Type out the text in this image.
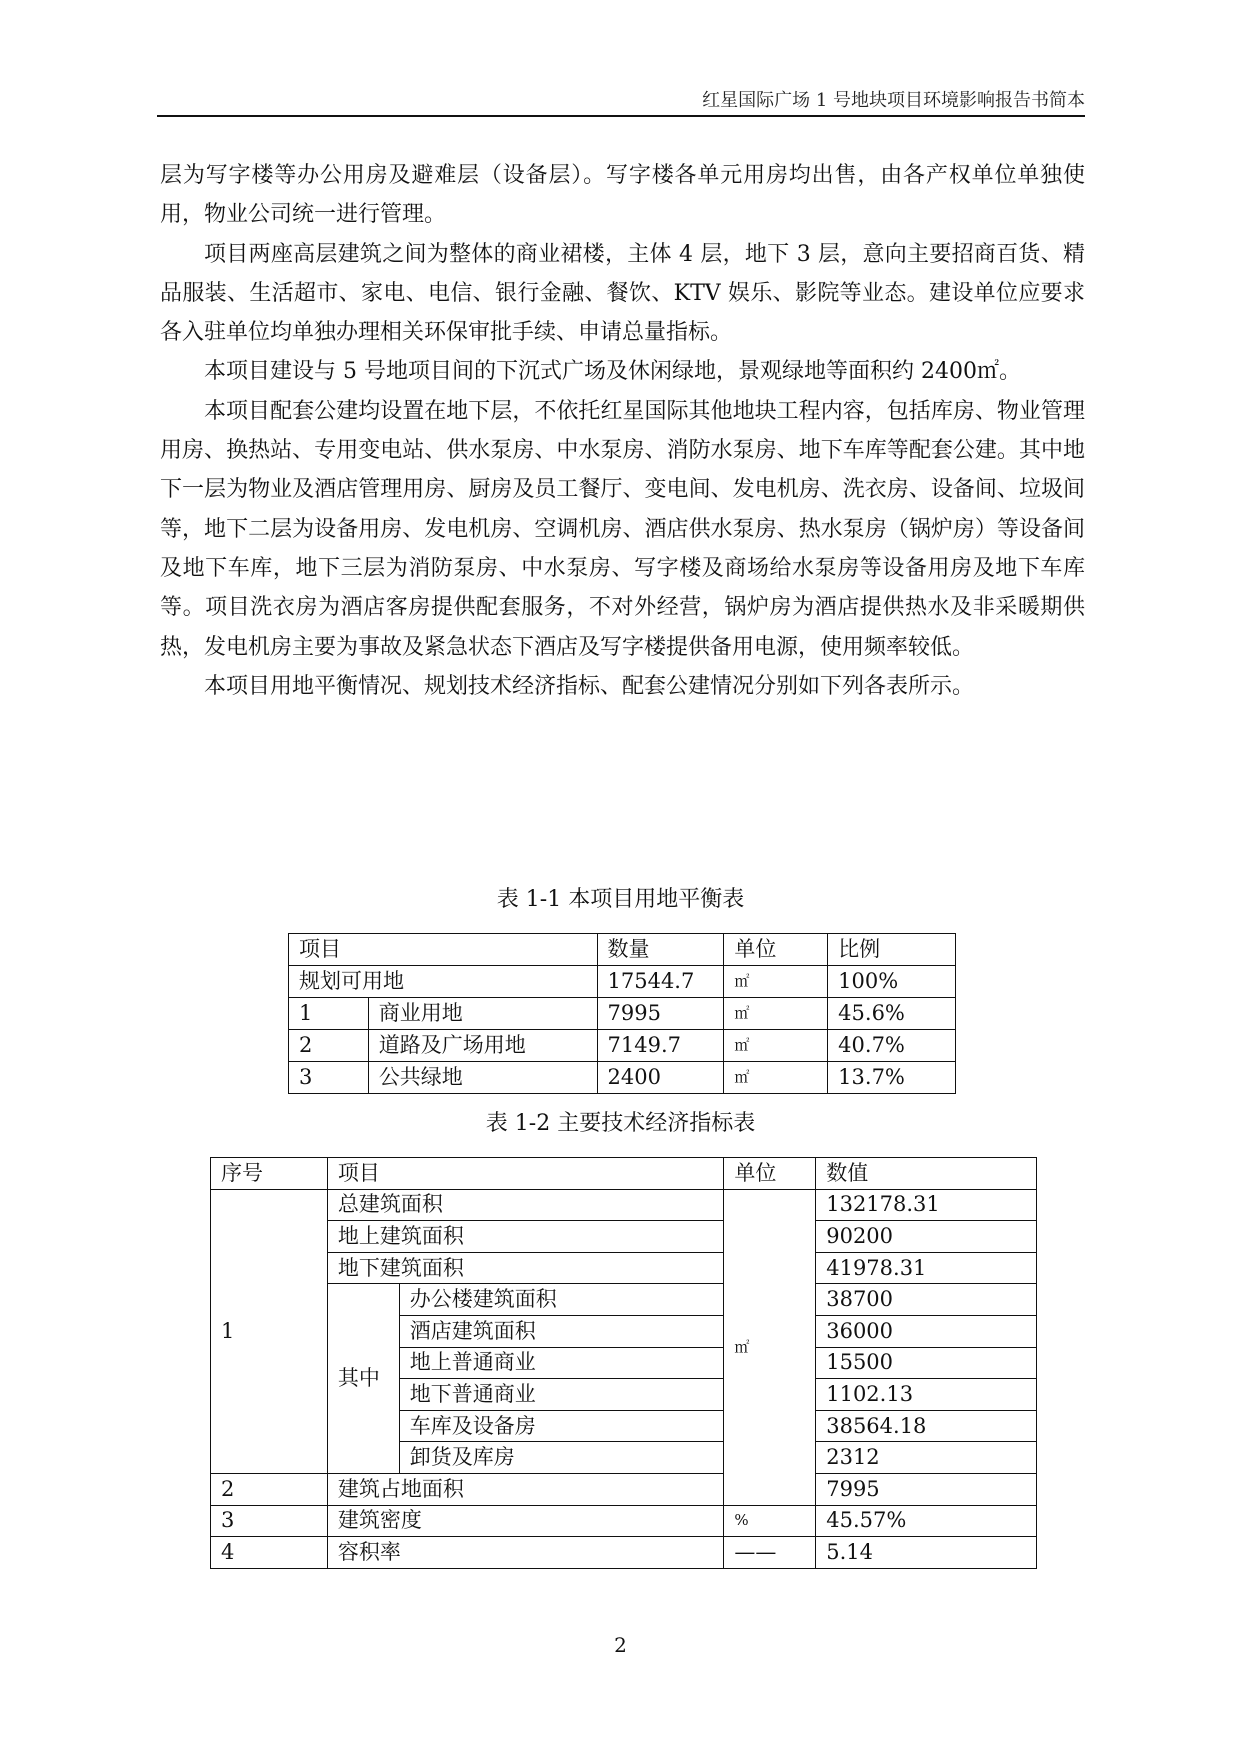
红星国际广场 1 号地块项目环境影响报告书简本

层为写字楼等办公用房及避难层（设备层）。写字楼各单元用房均出售，由各产权单位单独使用，物业公司统一进行管理。

项目两座高层建筑之间为整体的商业裙楼，主体 4 层，地下 3 层，意向主要招商百货、精品服装、生活超市、家电、电信、银行金融、餐饮、KTV 娱乐、影院等业态。建设单位应要求各入驻单位均单独办理相关环保审批手续、申请总量指标。

本项目建设与 5 号地项目间的下沉式广场及休闲绿地，景观绿地等面积约 2400㎡。

本项目配套公建均设置在地下层，不依托红星国际其他地块工程内容，包括库房、物业管理用房、换热站、专用变电站、供水泵房、中水泵房、消防水泵房、地下车库等配套公建。其中地下一层为物业及酒店管理用房、厨房及员工餐厅、变电间、发电机房、洗衣房、设备间、垃圾间等，地下二层为设备用房、发电机房、空调机房、酒店供水泵房、热水泵房（锅炉房）等设备间及地下车库，地下三层为消防泵房、中水泵房、写字楼及商场给水泵房等设备用房及地下车库等。项目洗衣房为酒店客房提供配套服务，不对外经营，锅炉房为酒店提供热水及非采暖期供热，发电机房主要为事故及紧急状态下酒店及写字楼提供备用电源，使用频率较低。

本项目用地平衡情况、规划技术经济指标、配套公建情况分别如下列各表所示。

表 1-1 本项目用地平衡表
项目		数量	单位	比例
规划可用地		17544.7	㎡	100%
1	商业用地	7995	㎡	45.6%
2	道路及广场用地	7149.7	㎡	40.7%
3	公共绿地	2400	㎡	13.7%
表 1-2 主要技术经济指标表
序号	项目		单位	数值
1	总建筑面积		㎡	132178.31
	地上建筑面积			90200
	地下建筑面积			41978.31
	其中	办公楼建筑面积		38700
		酒店建筑面积		36000
		地上普通商业		15500
		地下普通商业		1102.13
		车库及设备房		38564.18
		卸货及库房		2312
2	建筑占地面积			7995
3	建筑密度		%	45.57%
4	容积率		——	5.14
2
